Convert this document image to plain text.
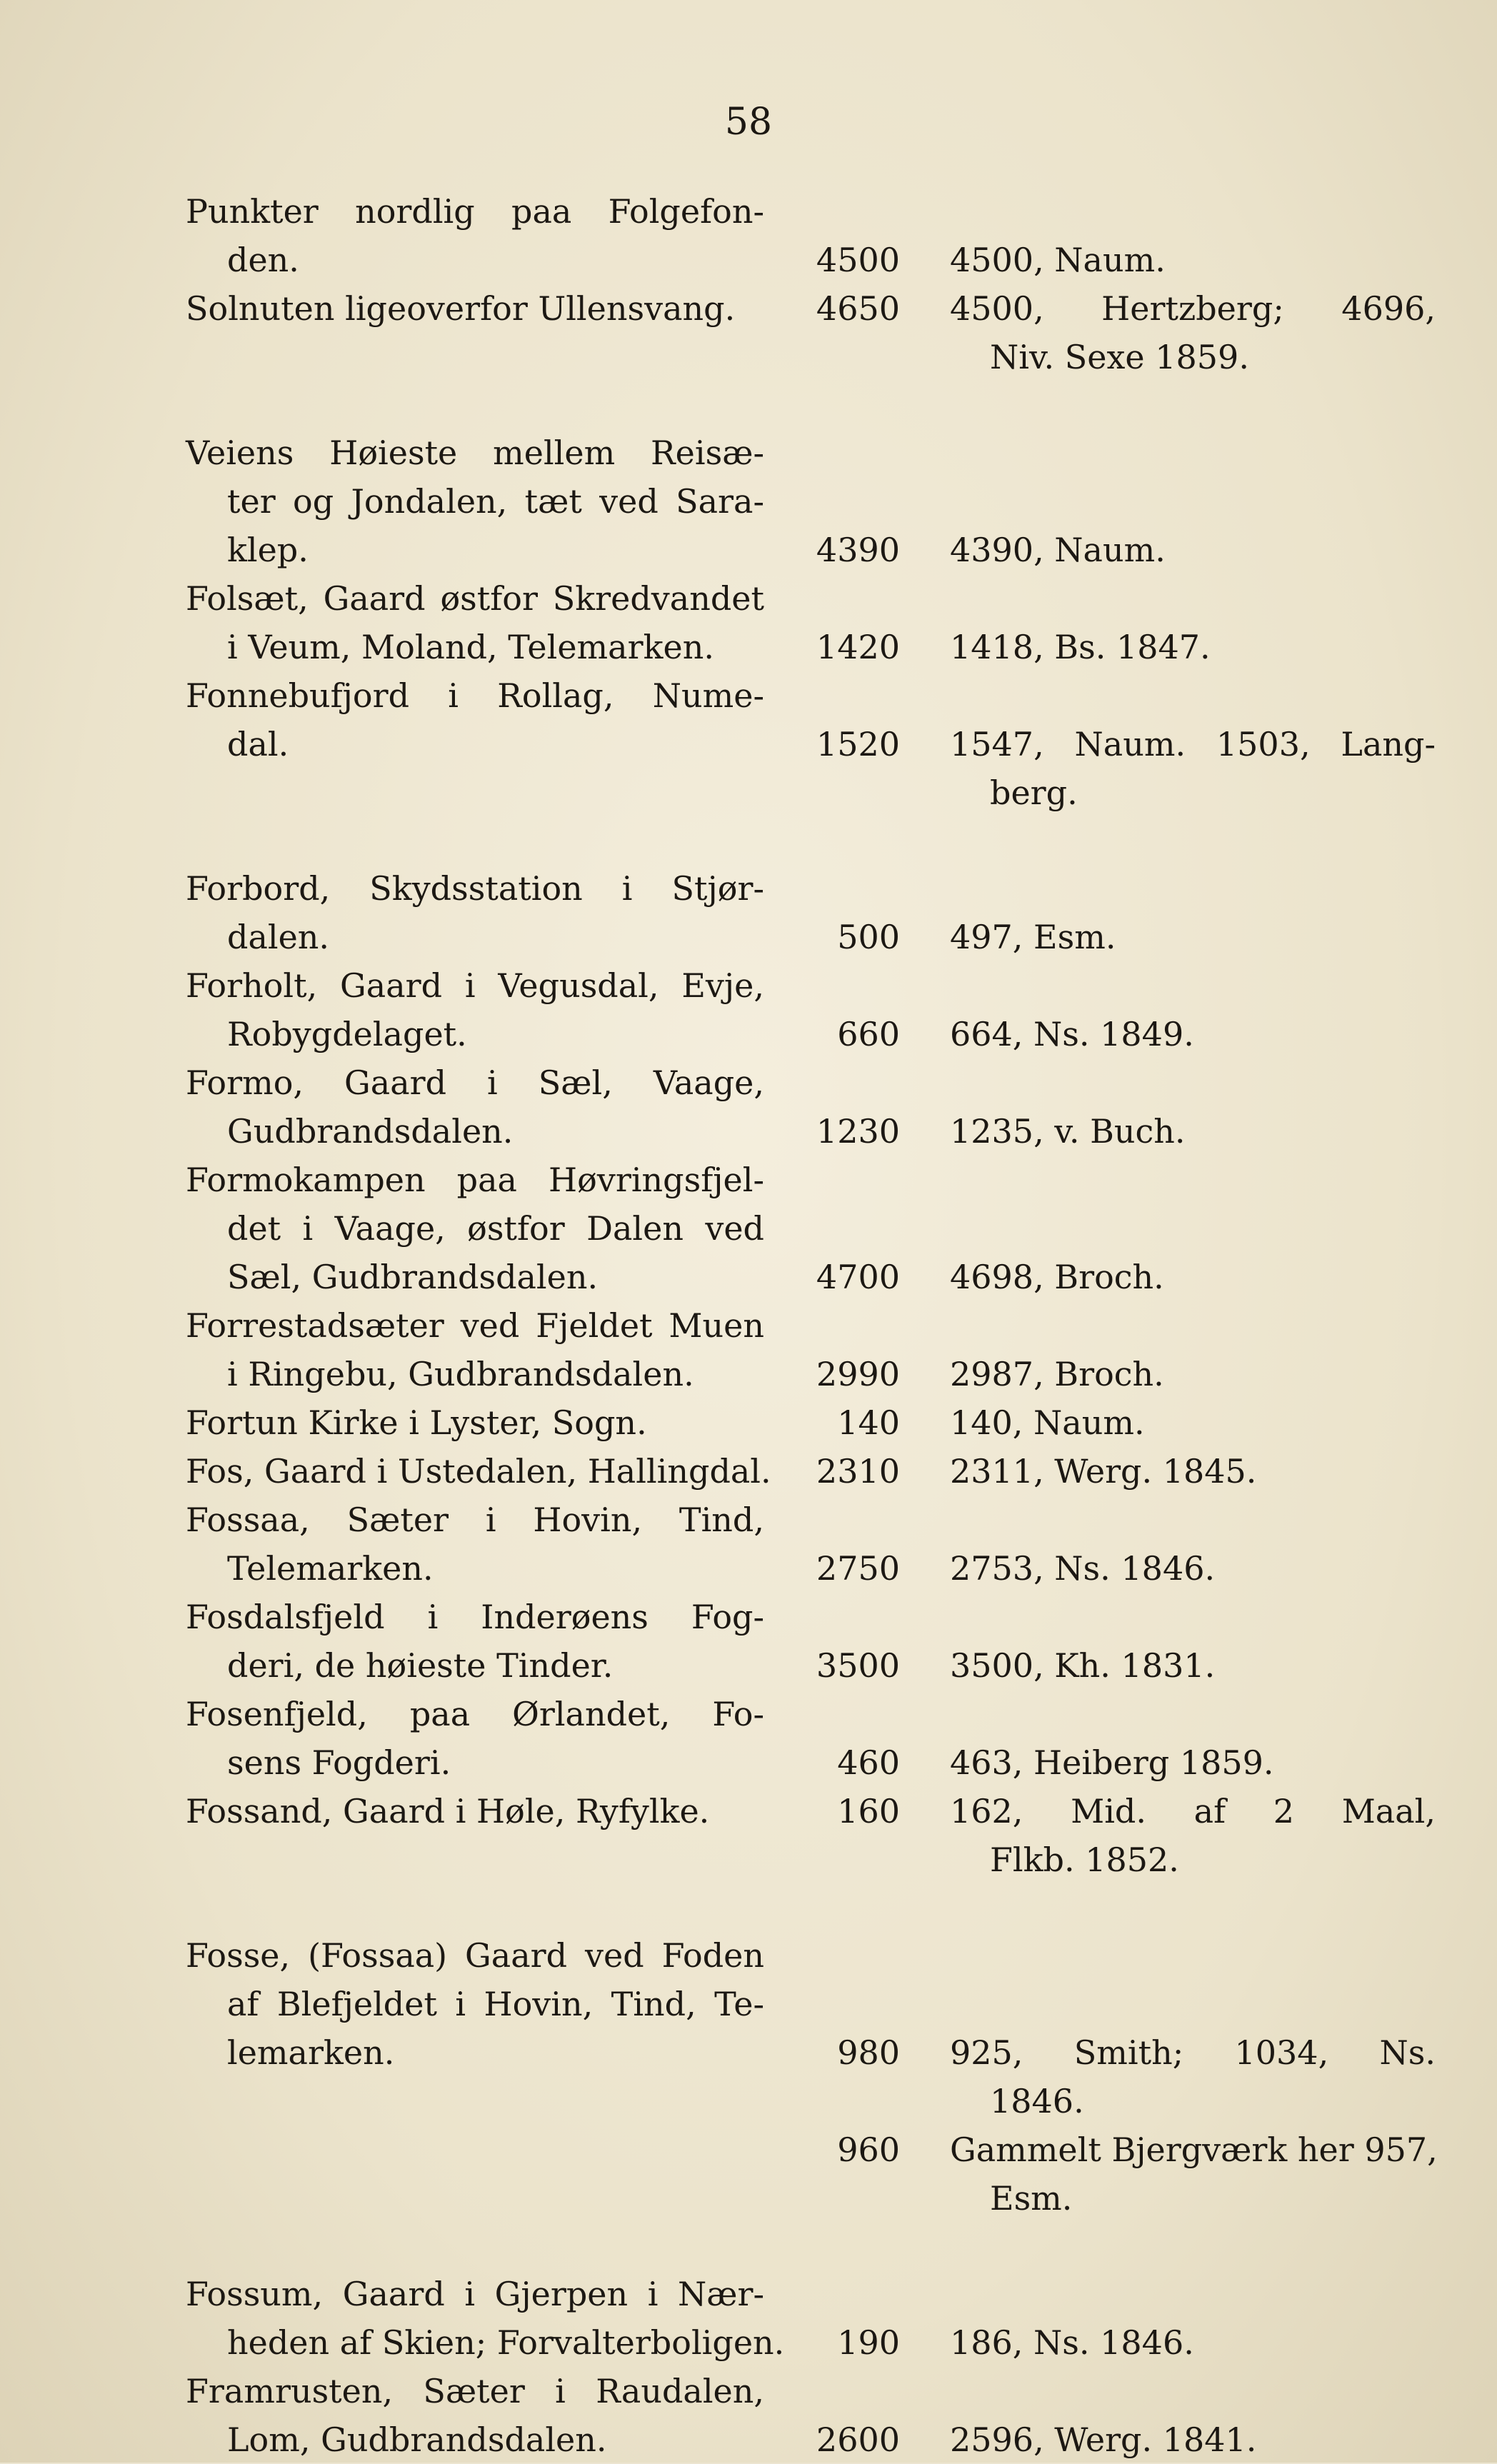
58
Punkter nordlig paa Folgefon-
den.	4500 4500, Naum.
Solnuten ligeoverfor Ullensvang.	4650 4500, Hertzberg; 4696,
Niv. Sexe 1859.
Veiens Høieste mellem Reisæ-
ter og Jondalen, tæt ved Sara-
klep.	4390 4390, Naum.
Folsæt, Gaard østfor Skredvandet
i Veum, Moland, Telemarken.	1420 1418, Bs. 1847.
Fonnebufjord i Rollag, Nume-
dal.	1520 1547, Naum. 1503, Lang-
berg.
Forbord, Skydsstation i Stjør-
dalen.	500 497, Esm.
Forholt, Gaard i Vegusdal, Evje,
Robygdelaget.	660 664, Ns. 1849.
Formo, Gaard i Sæl, Vaage,
Gudbrandsdalen.	1230 1235, v. Buch.
Formokampen paa Høvringsfjel-
det i Vaage, østfor Dalen ved
Sæl, Gudbrandsdalen.	4700 4698, Broch.
Forrestadsæter ved Fjeldet Muen
i Ringebu, Gudbrandsdalen.	2990 2987, Broch.
Fortun Kirke i Lyster, Sogn.	140 140, Naum.
Fos, Gaard i Ustedalen, Hallingdal.	2310 2311, Werg. 1845.
Fossaa, Sæter i Hovin, Tind,
Telemarken.	2750 2753, Ns. 1846.
Fosdalsfjeld i Inderøens Fog-
deri, de høieste Tinder.	3500 3500, Kh. 1831.
Fosenfjeld, paa Ørlandet, Fo-
sens Fogderi.	460 463, Heiberg 1859.
Fossand, Gaard i Høle, Ryfylke.	160 162, Mid. af 2 Maal,
Flkb. 1852.
Fosse, (Fossaa) Gaard ved Foden
af Blefjeldet i Hovin, Tind, Te-
lemarken.	980 925, Smith; 1034, Ns.
1846.
960 Gammelt Bjergværk her 957,
Esm.
Fossum, Gaard i Gjerpen i Nær-
heden af Skien; Forvalterboligen.	190 186, Ns. 1846.
Framrusten, Sæter i Raudalen,
Lom, Gudbrandsdalen.	2600 2596, Werg. 1841.
